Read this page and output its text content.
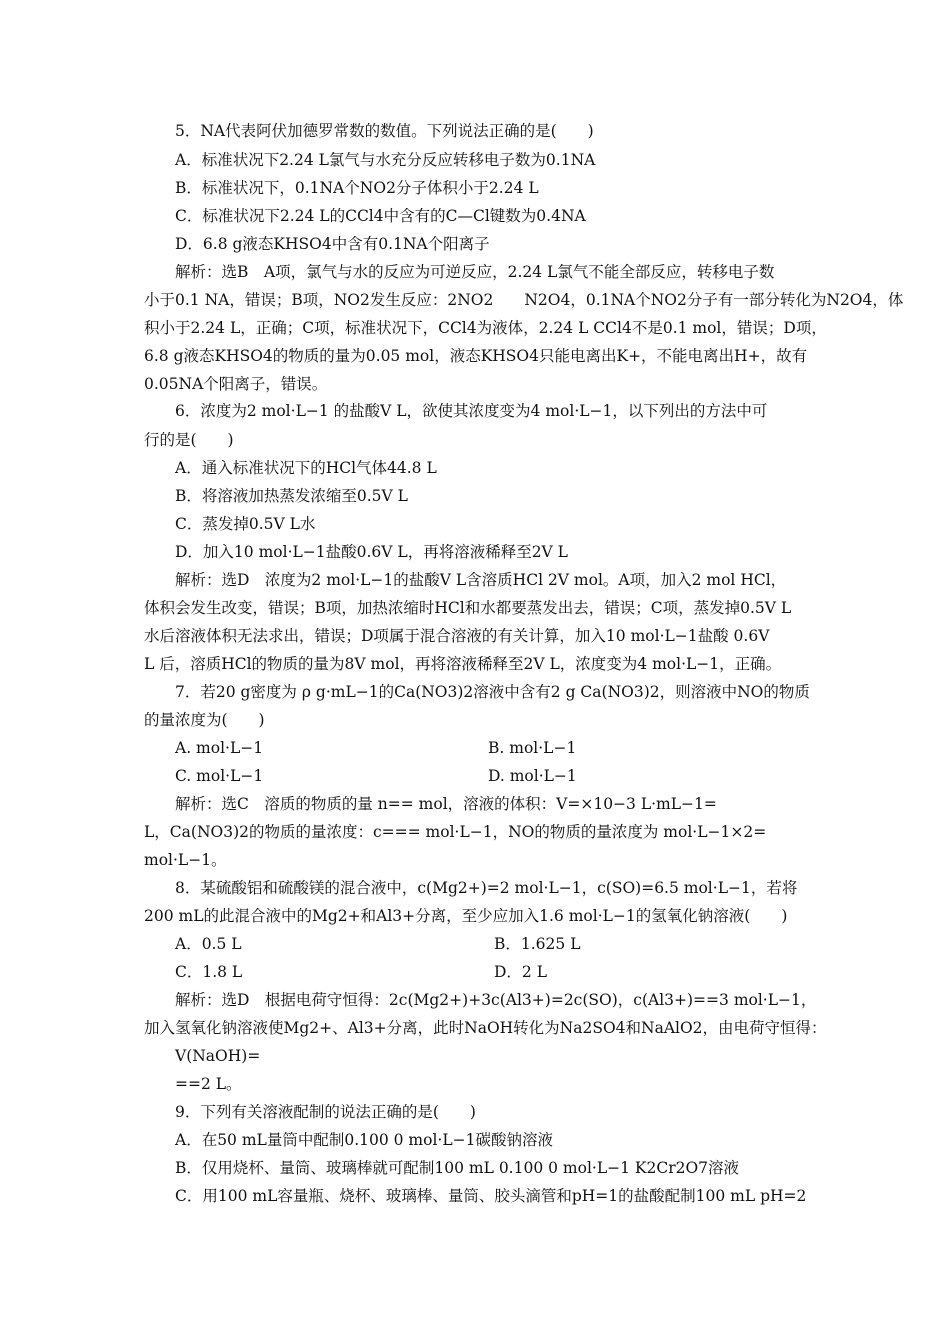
5．NA代表阿伏加德罗常数的数值。下列说法正确的是(　　)
A．标准状况下2.24 L氯气与水充分反应转移电子数为0.1NA
B．标准状况下，0.1NA个NO2分子体积小于2.24 L
C．标准状况下2.24 L的CCl4中含有的C—Cl键数为0.4NA
D．6.8 g液态KHSO4中含有0.1NA个阳离子
解析：选B　A项，氯气与水的反应为可逆反应，2.24 L氯气不能全部反应，转移电子数
小于0.1 NA，错误；B项，NO2发生反应：2NO2　　N2O4，0.1NA个NO2分子有一部分转化为N2O4，体
积小于2.24 L，正确；C项，标准状况下，CCl4为液体，2.24 L CCl4不是0.1 mol，错误；D项，
6.8 g液态KHSO4的物质的量为0.05 mol，液态KHSO4只能电离出K+，不能电离出H+，故有
0.05NA个阳离子，错误。
6．浓度为2 mol·L−1 的盐酸V L，欲使其浓度变为4 mol·L−1，以下列出的方法中可
行的是(　　)
A．通入标准状况下的HCl气体44.8 L
B．将溶液加热蒸发浓缩至0.5V L
C．蒸发掉0.5V L水
D．加入10 mol·L−1盐酸0.6V L，再将溶液稀释至2V L
解析：选D　浓度为2 mol·L−1的盐酸V L含溶质HCl 2V mol。A项，加入2 mol HCl，
体积会发生改变，错误；B项，加热浓缩时HCl和水都要蒸发出去，错误；C项，蒸发掉0.5V L
水后溶液体积无法求出，错误；D项属于混合溶液的有关计算，加入10 mol·L−1盐酸 0.6V
L 后，溶质HCl的物质的量为8V mol，再将溶液稀释至2V L，浓度变为4 mol·L−1，正确。
7．若20 g密度为 ρ g·mL−1的Ca(NO3)2溶液中含有2 g Ca(NO3)2，则溶液中NO的物质
的量浓度为(　　)
A. mol·L−1	B. mol·L−1
C. mol·L−1	D. mol·L−1
解析：选C　溶质的物质的量 n== mol，溶液的体积：V=×10−3 L·mL−1=
L，Ca(NO3)2的物质的量浓度：c=== mol·L−1，NO的物质的量浓度为 mol·L−1×2=
mol·L−1。
8．某硫酸铝和硫酸镁的混合液中，c(Mg2+)=2 mol·L−1，c(SO)=6.5 mol·L−1，若将
200 mL的此混合液中的Mg2+和Al3+分离，至少应加入1.6 mol·L−1的氢氧化钠溶液(　　)
A．0.5 L	B．1.625 L
C．1.8 L	D．2 L
解析：选D　根据电荷守恒得：2c(Mg2+)+3c(Al3+)=2c(SO)，c(Al3+)==3 mol·L−1，
加入氢氧化钠溶液使Mg2+、Al3+分离，此时NaOH转化为Na2SO4和NaAlO2，由电荷守恒得：
V(NaOH)=
==2 L。
9．下列有关溶液配制的说法正确的是(　　)
A．在50 mL量筒中配制0.100 0 mol·L−1碳酸钠溶液
B．仅用烧杯、量筒、玻璃棒就可配制100 mL 0.100 0 mol·L−1 K2Cr2O7溶液
C．用100 mL容量瓶、烧杯、玻璃棒、量筒、胶头滴管和pH=1的盐酸配制100 mL pH=2
